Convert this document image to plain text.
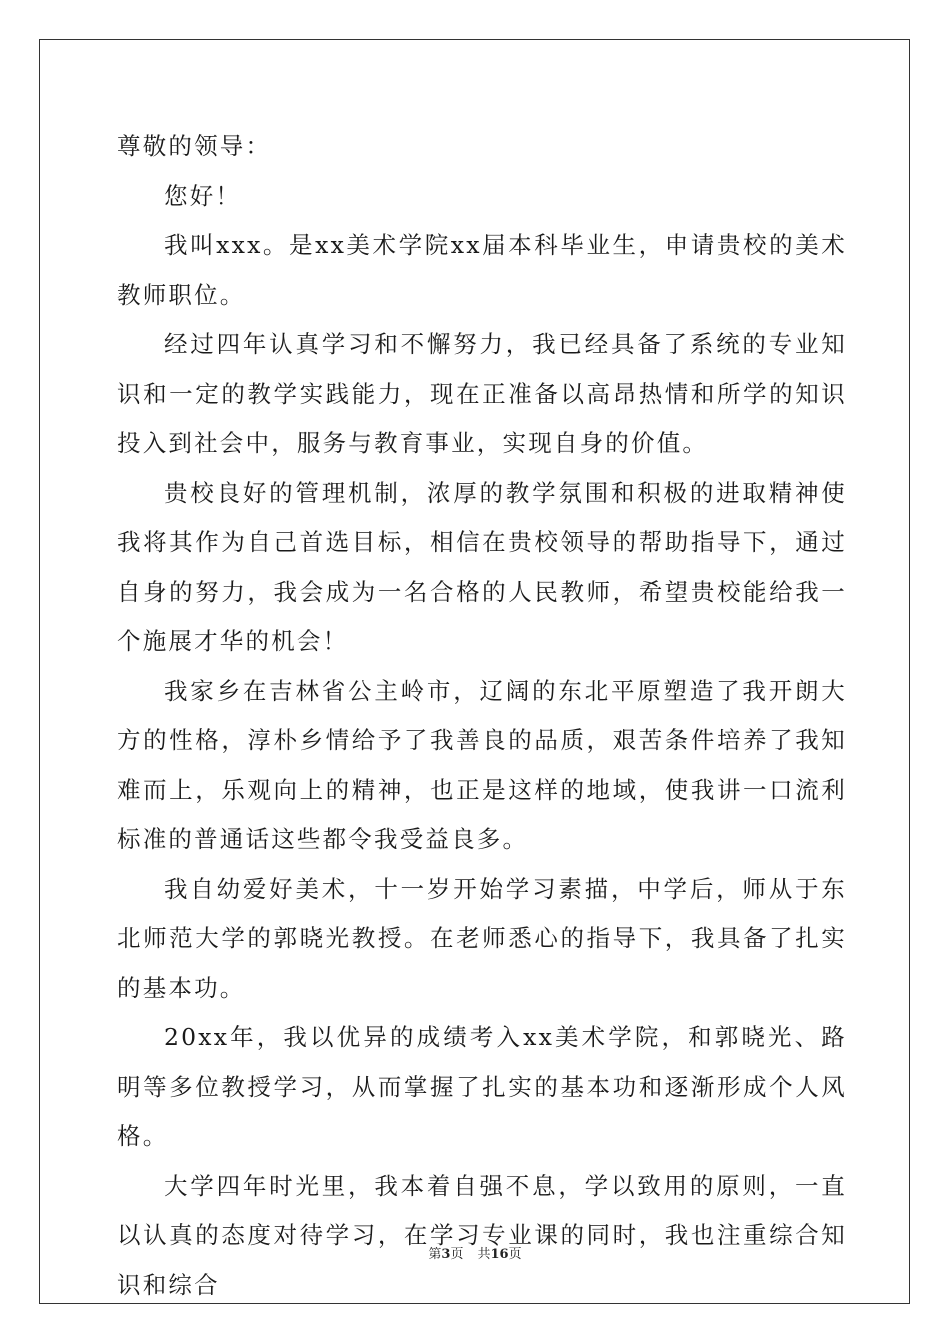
尊敬的领导：

您好！

我叫xxx。是xx美术学院xx届本科毕业生，申请贵校的美术教师职位。

经过四年认真学习和不懈努力，我已经具备了系统的专业知识和一定的教学实践能力，现在正准备以高昂热情和所学的知识投入到社会中，服务与教育事业，实现自身的价值。

贵校良好的管理机制，浓厚的教学氛围和积极的进取精神使我将其作为自己首选目标，相信在贵校领导的帮助指导下，通过自身的努力，我会成为一名合格的人民教师，希望贵校能给我一个施展才华的机会！

我家乡在吉林省公主岭市，辽阔的东北平原塑造了我开朗大方的性格，淳朴乡情给予了我善良的品质，艰苦条件培养了我知难而上，乐观向上的精神，也正是这样的地域，使我讲一口流利标准的普通话这些都令我受益良多。

我自幼爱好美术，十一岁开始学习素描，中学后，师从于东北师范大学的郭晓光教授。在老师悉心的指导下，我具备了扎实的基本功。

20xx年，我以优异的成绩考入xx美术学院，和郭晓光、路明等多位教授学习，从而掌握了扎实的基本功和逐渐形成个人风格。

大学四年时光里，我本着自强不息，学以致用的原则，一直以认真的态度对待学习，在学习专业课的同时，我也注重综合知识和综合

第3页 共16页
